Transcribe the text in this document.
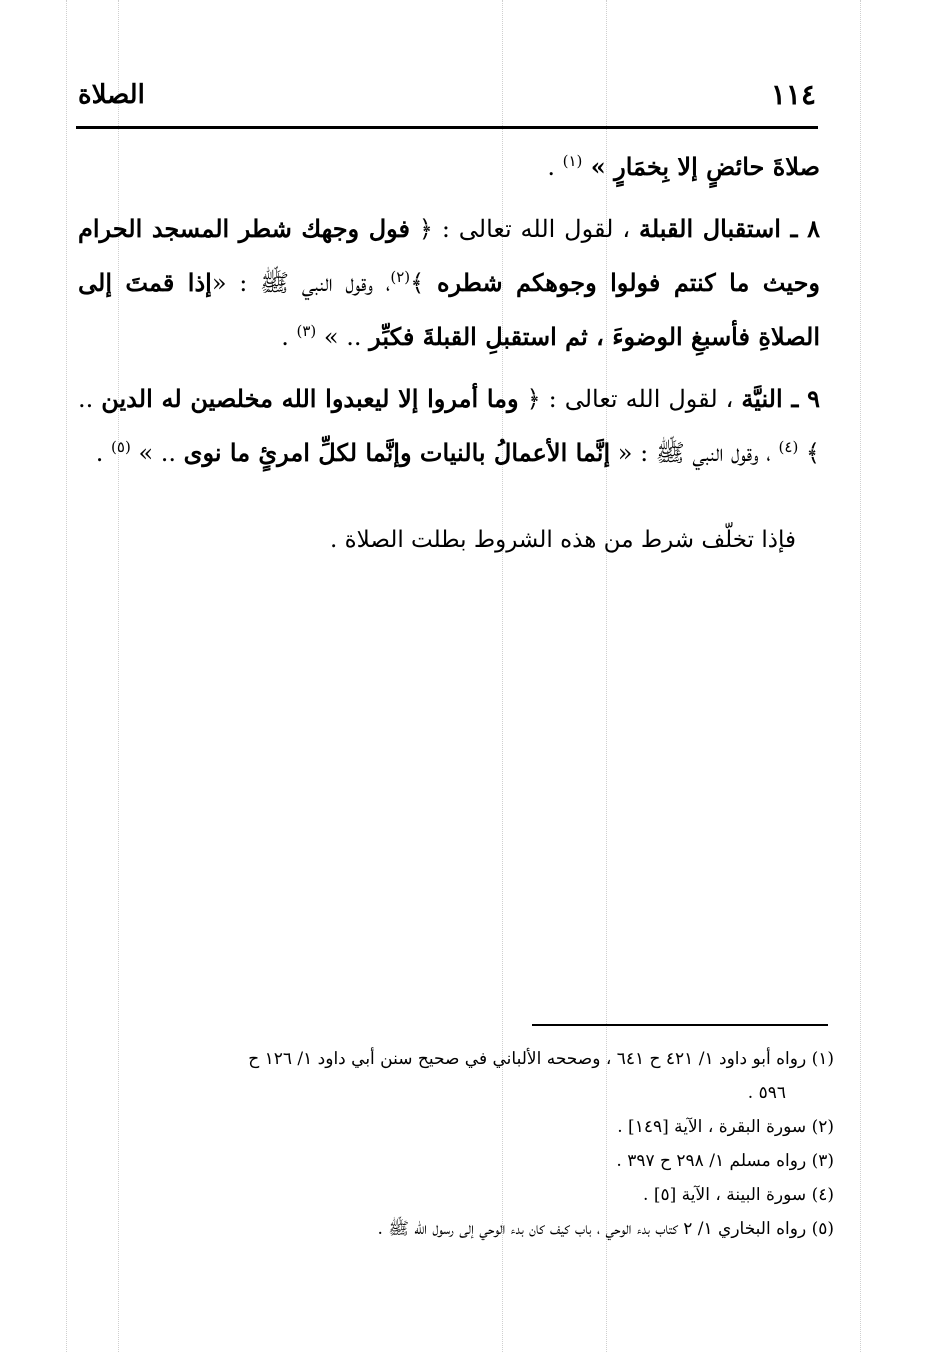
١١٤
الصلاة

صلاةَ حائضٍ إلا بِخمَارٍ » $^{(١)}$ .

٨ ـ استقبال القبلة ، لقول الله تعالى : ﴿ فول وجهك شطر المسجد الحرام وحيث ما كنتم فولوا وجوهكم شطره ﴾$^{(٢)}$، وقول النبي ﷺ : «إذا قمتَ إلى الصلاةِ فأسبغِ الوضوءَ ، ثم استقبلِ القبلةَ فكبِّر .. » $^{(٣)}$ .

٩ ـ النيَّة ، لقول الله تعالى : ﴿ وما أمروا إلا ليعبدوا الله مخلصين له الدين .. ﴾ $^{(٤)}$ ، وقول النبي ﷺ : « إنَّما الأعمالُ بالنيات وإنَّما لكلِّ امرئٍ ما نوى .. » $^{(٥)}$ .

فإذا تخلّف شرط من هذه الشروط بطلت الصلاة .

(١) رواه أبو داود ١/ ٤٢١ ح ٦٤١ ، وصححه الألباني في صحيح سنن أبي داود ١/ ١٢٦ ح

٥٩٦ .

(٢) سورة البقرة ، الآية [١٤٩] .

(٣) رواه مسلم ١/ ٢٩٨ ح ٣٩٧ .

(٤) سورة البينة ، الآية [٥] .

(٥) رواه البخاري ١/ ٢ كتاب بدء الوحي ، باب كيف كان بدء الوحي إلى رسول الله ﷺ .
